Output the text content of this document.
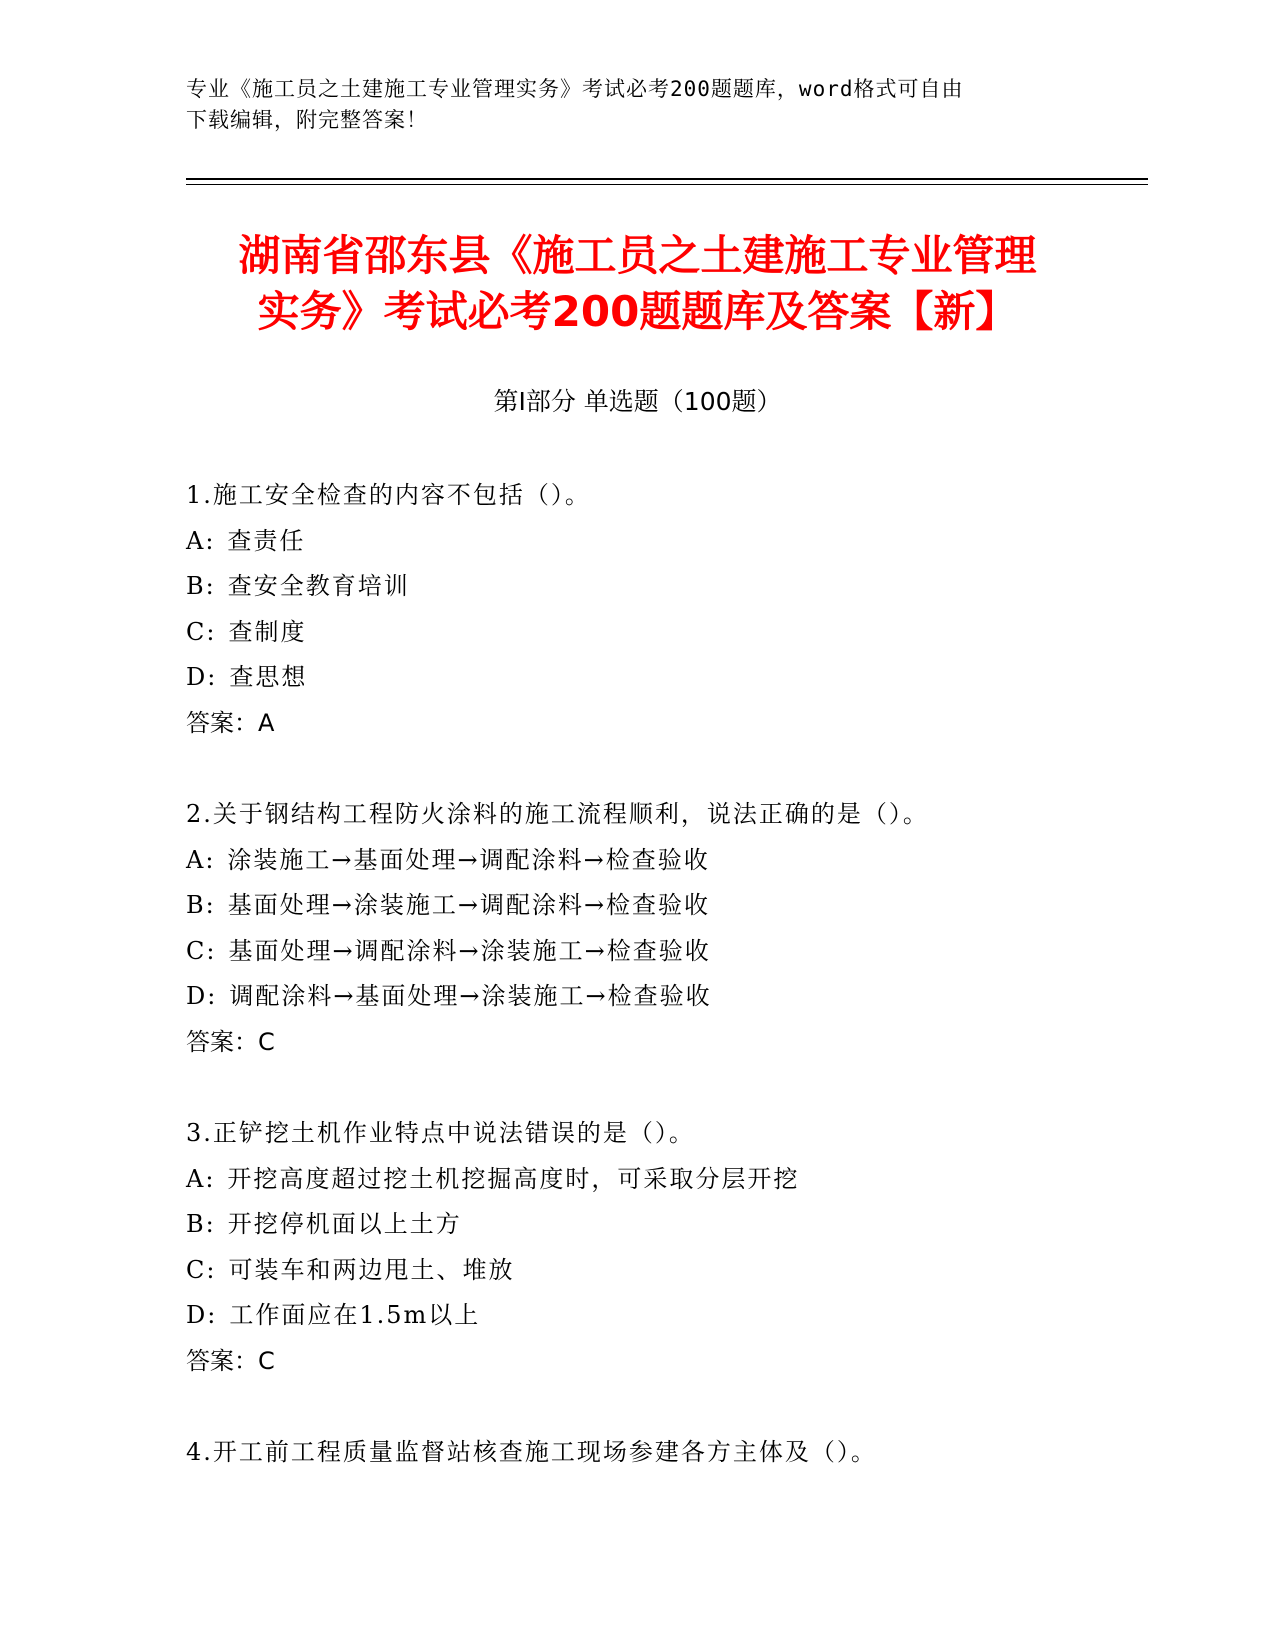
专业《施工员之土建施工专业管理实务》考试必考200题题库，word格式可自由
下载编辑，附完整答案！
湖南省邵东县《施工员之土建施工专业管理
实务》考试必考200题题库及答案【新】
第Ⅰ部分 单选题（100题）
1.施工安全检查的内容不包括（）。
A: 查责任
B: 查安全教育培训
C: 查制度
D: 查思想
答案：A
2.关于钢结构工程防火涂料的施工流程顺利，说法正确的是（）。
A: 涂装施工→基面处理→调配涂料→检查验收
B: 基面处理→涂装施工→调配涂料→检查验收
C: 基面处理→调配涂料→涂装施工→检查验收
D: 调配涂料→基面处理→涂装施工→检查验收
答案：C
3.正铲挖土机作业特点中说法错误的是（）。
A: 开挖高度超过挖土机挖掘高度时，可采取分层开挖
B: 开挖停机面以上土方
C: 可装车和两边甩土、堆放
D: 工作面应在1.5m以上
答案：C
4.开工前工程质量监督站核查施工现场参建各方主体及（）。
